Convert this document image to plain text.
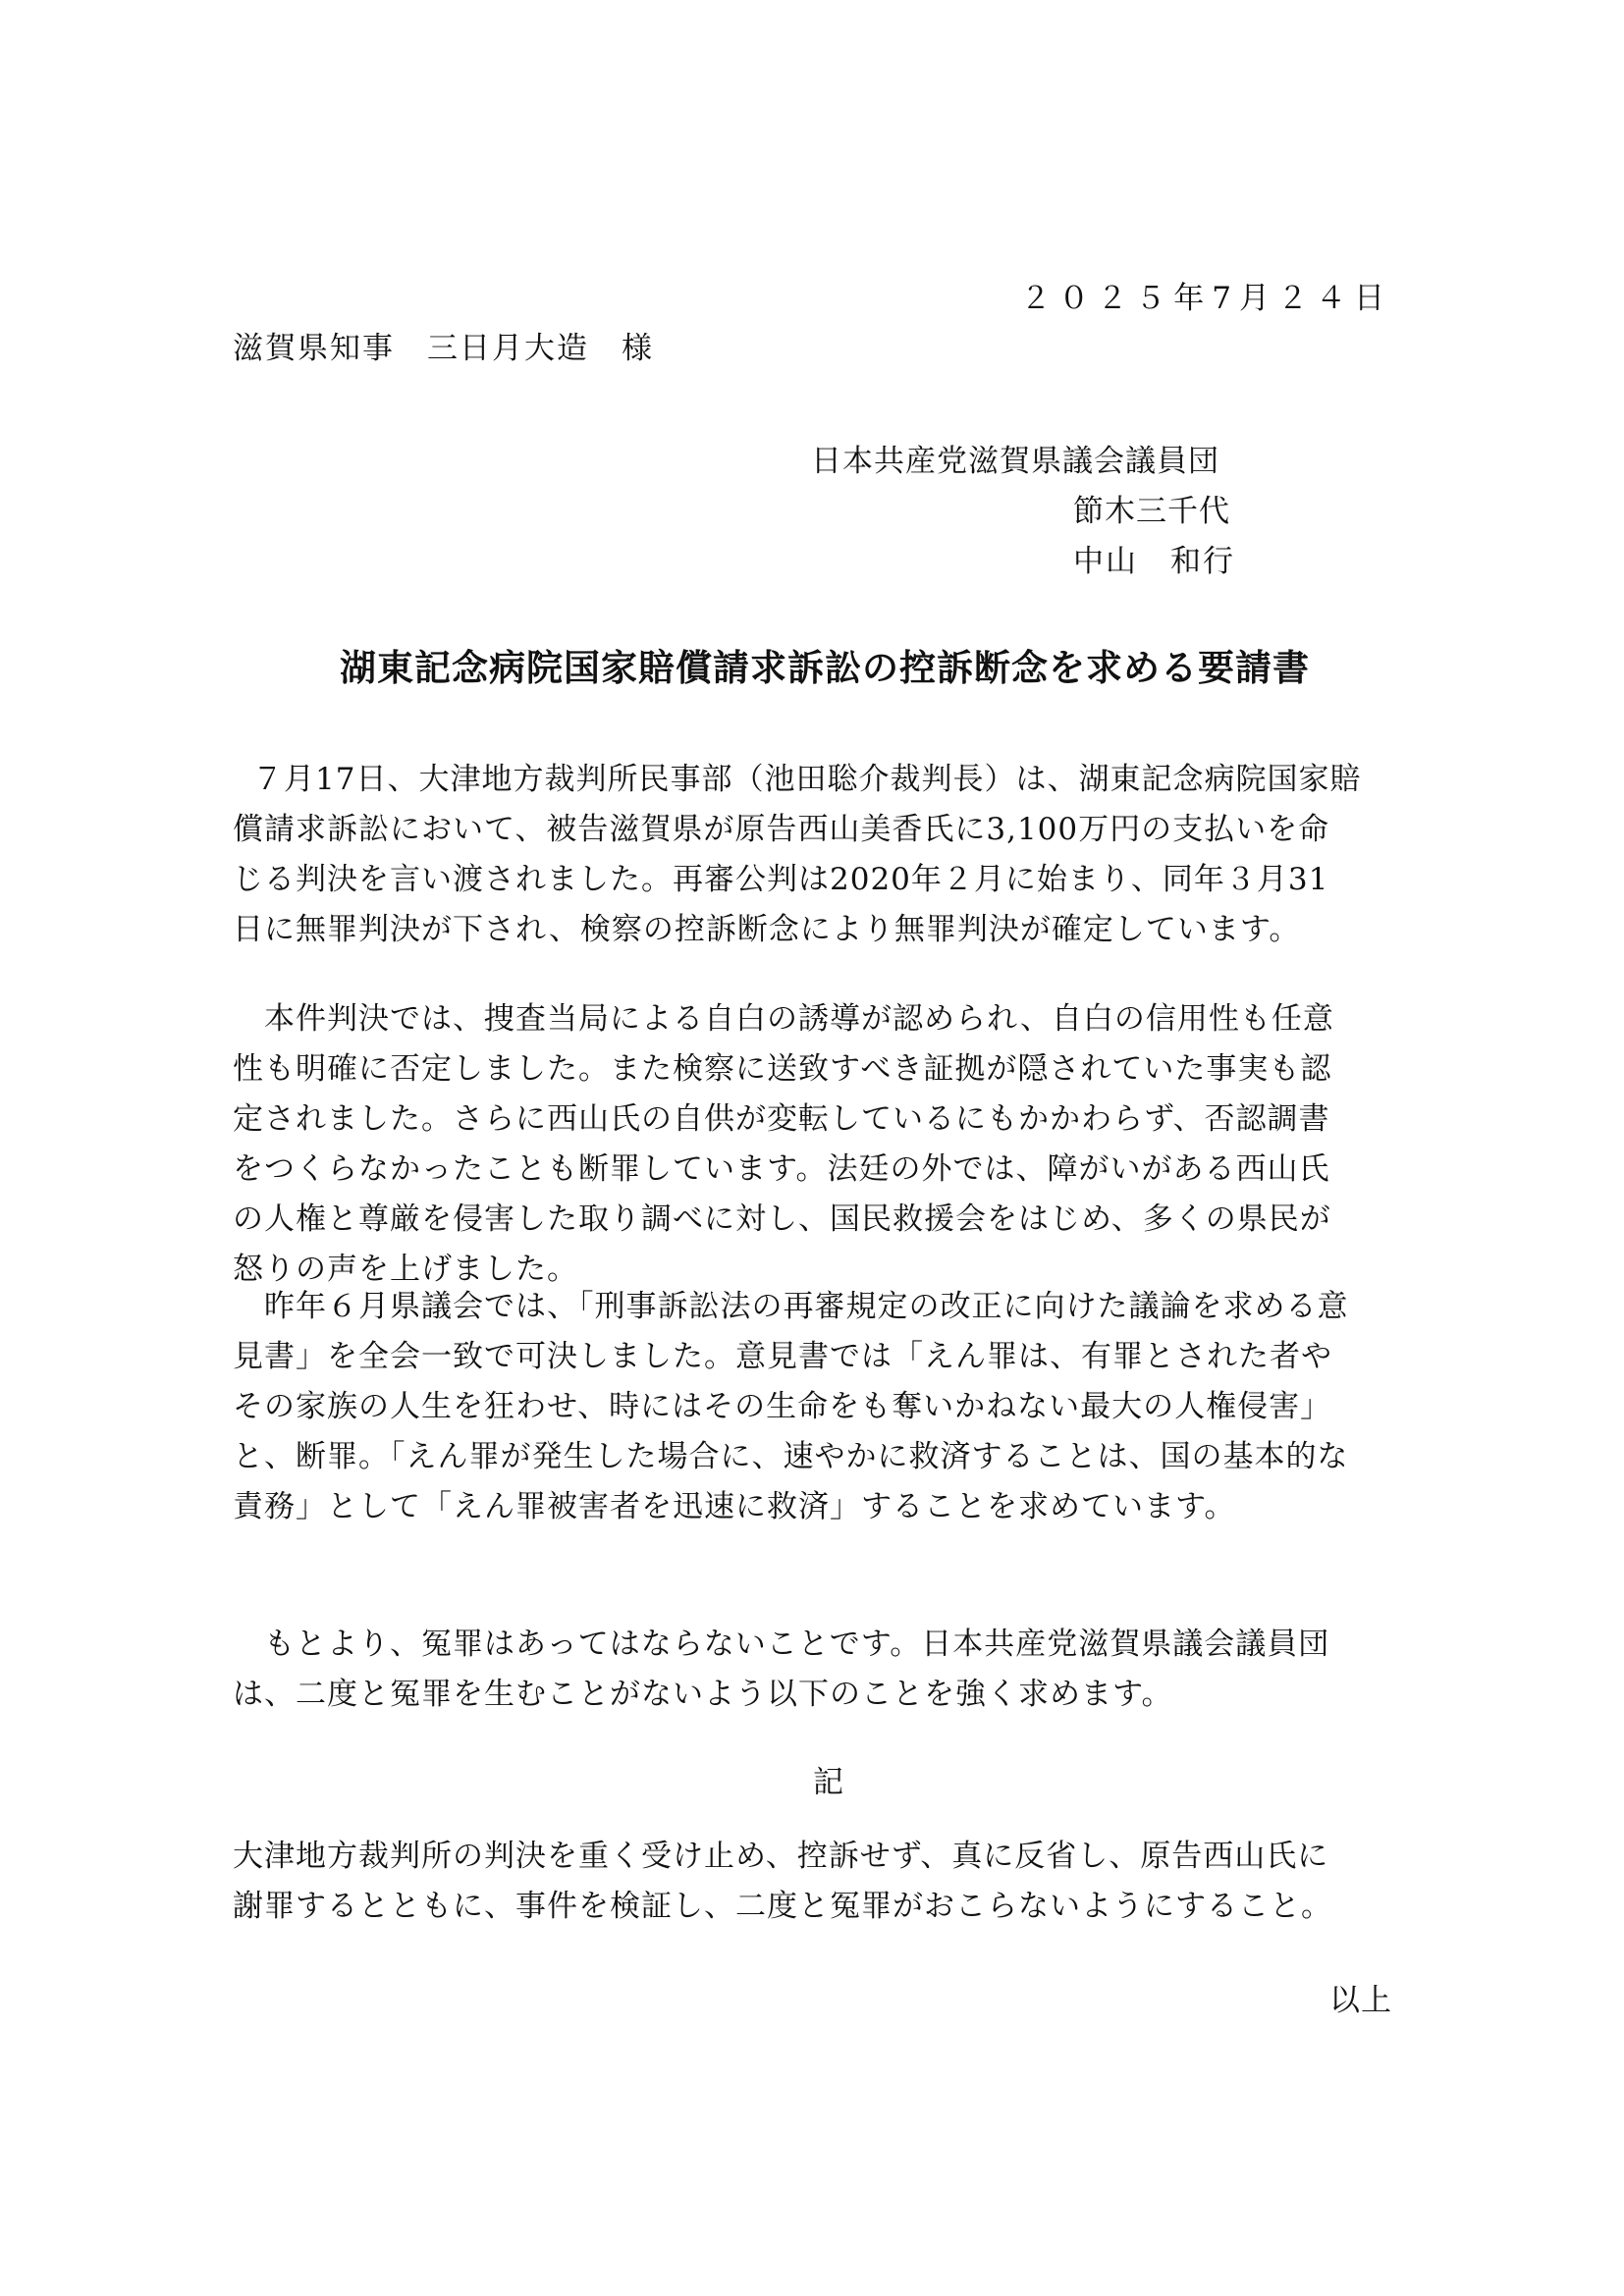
２０２５年7月２４日
滋賀県知事　三日月大造　様
日本共産党滋賀県議会議員団
節木三千代
中山　和行
湖東記念病院国家賠償請求訴訟の控訴断念を求める要請書

７月17日、大津地方裁判所民事部（池田聡介裁判長）は、湖東記念病院国家賠
償請求訴訟において、被告滋賀県が原告西山美香氏に3,100万円の支払いを命
じる判決を言い渡されました。再審公判は2020年２月に始まり、同年３月31
日に無罪判決が下され、検察の控訴断念により無罪判決が確定しています。

本件判決では、捜査当局による自白の誘導が認められ、自白の信用性も任意
性も明確に否定しました。また検察に送致すべき証拠が隠されていた事実も認
定されました。さらに西山氏の自供が変転しているにもかかわらず、否認調書
をつくらなかったことも断罪しています。法廷の外では、障がいがある西山氏
の人権と尊厳を侵害した取り調べに対し、国民救援会をはじめ、多くの県民が
怒りの声を上げました。

昨年６月県議会では、「刑事訴訟法の再審規定の改正に向けた議論を求める意
見書」を全会一致で可決しました。意見書では「えん罪は、有罪とされた者や
その家族の人生を狂わせ、時にはその生命をも奪いかねない最大の人権侵害」
と、断罪。「えん罪が発生した場合に、速やかに救済することは、国の基本的な
責務」として「えん罪被害者を迅速に救済」することを求めています。

もとより、冤罪はあってはならないことです。日本共産党滋賀県議会議員団
は、二度と冤罪を生むことがないよう以下のことを強く求めます。

記

大津地方裁判所の判決を重く受け止め、控訴せず、真に反省し、原告西山氏に
謝罪するとともに、事件を検証し、二度と冤罪がおこらないようにすること。

以上
